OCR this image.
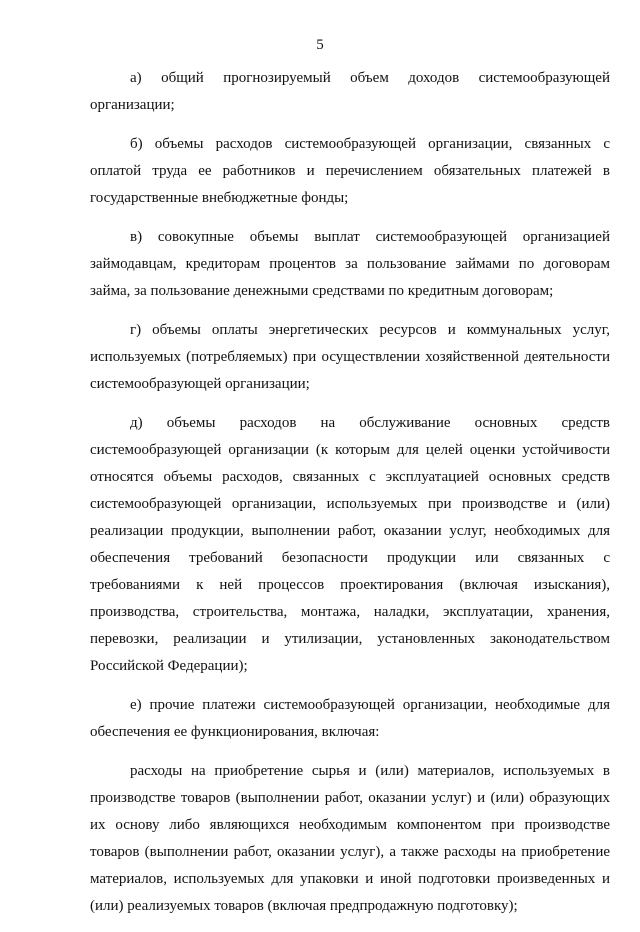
5

а) общий прогнозируемый объем доходов системообразующей организации;

б) объемы расходов системообразующей организации, связанных с оплатой труда ее работников и перечислением обязательных платежей в государственные внебюджетные фонды;

в) совокупные объемы выплат системообразующей организацией займодавцам, кредиторам процентов за пользование займами по договорам займа, за пользование денежными средствами по кредитным договорам;

г) объемы оплаты энергетических ресурсов и коммунальных услуг, используемых (потребляемых) при осуществлении хозяйственной деятельности системообразующей организации;

д) объемы расходов на обслуживание основных средств системообразующей организации (к которым для целей оценки устойчивости относятся объемы расходов, связанных с эксплуатацией основных средств системообразующей организации, используемых при производстве и (или) реализации продукции, выполнении работ, оказании услуг, необходимых для обеспечения требований безопасности продукции или связанных с требованиями к ней процессов проектирования (включая изыскания), производства, строительства, монтажа, наладки, эксплуатации, хранения, перевозки, реализации и утилизации, установленных законодательством Российской Федерации);

е) прочие платежи системообразующей организации, необходимые для обеспечения ее функционирования, включая:

расходы на приобретение сырья и (или) материалов, используемых в производстве товаров (выполнении работ, оказании услуг) и (или) образующих их основу либо являющихся необходимым компонентом при производстве товаров (выполнении работ, оказании услуг), а также расходы на приобретение материалов, используемых для упаковки и иной подготовки произведенных и (или) реализуемых товаров (включая предпродажную подготовку);
